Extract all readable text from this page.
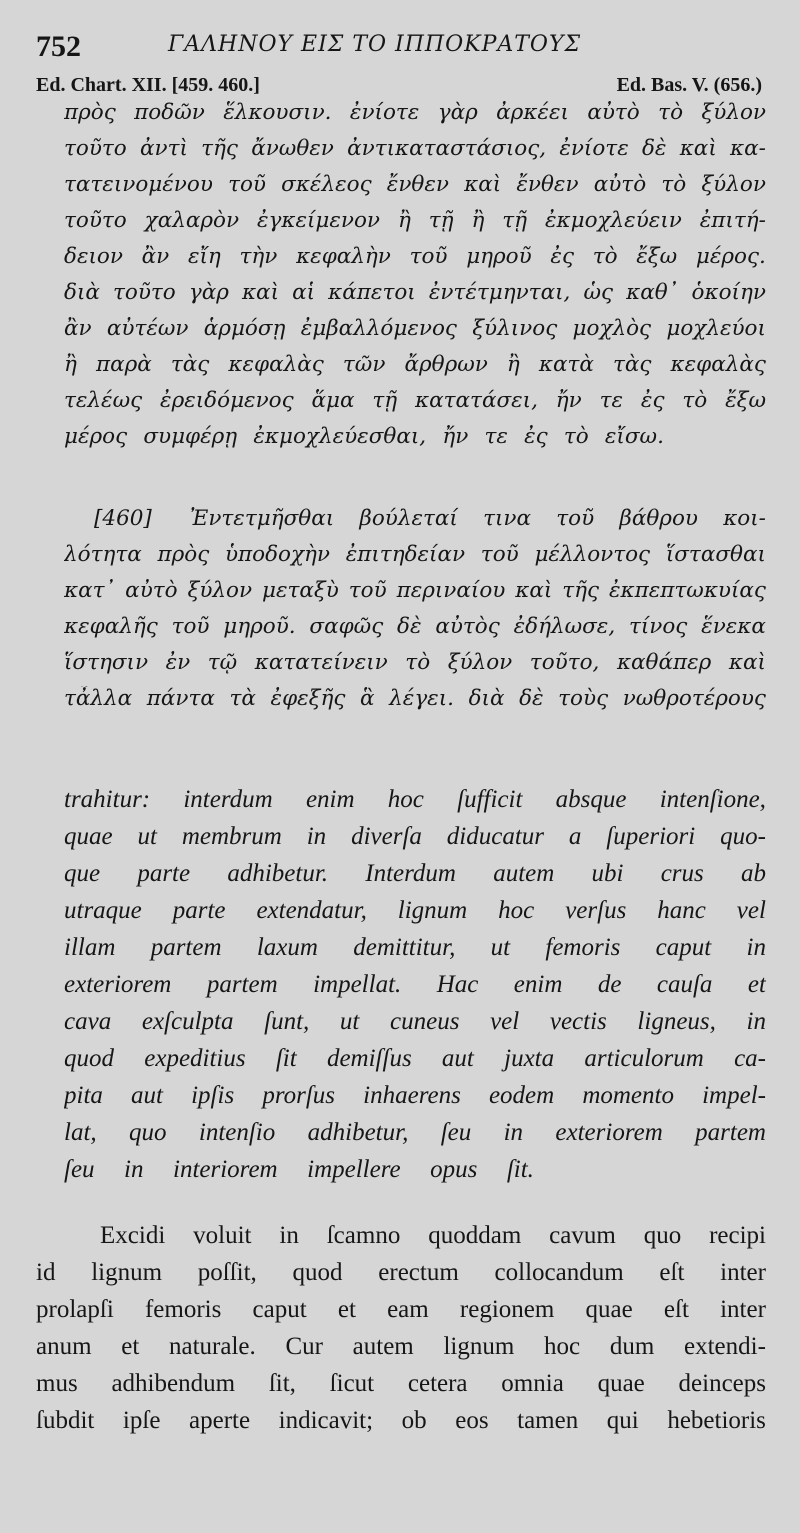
752	ΓΑΛΗΝΟΥ ΕΙΣ ΤΟ ΙΠΠΟΚΡΑΤΟΥΣ
Ed. Chart. XII. [459. 460.]	Ed. Bas. V. (656.)
πρὸς ποδῶν ἕλκουσιν. ἐνίοτε γὰρ ἀρκέει αὐτὸ τὸ ξύλον
τοῦτο ἀντὶ τῆς ἄνωθεν ἀντικαταστάσιος, ἐνίοτε δὲ καὶ κα-
τατεινομένου τοῦ σκέλεος ἔνθεν καὶ ἔνθεν αὐτὸ τὸ ξύλον
τοῦτο χαλαρὸν ἐγκείμενον ἢ τῇ ἢ τῇ ἐκμοχλεύειν ἐπιτή-
δειον ἂν εἴη τὴν κεφαλὴν τοῦ μηροῦ ἐς τὸ ἔξω μέρος.
διὰ τοῦτο γὰρ καὶ αἱ κάπετοι ἐντέτμηνται, ὡς καθ᾽ ὁκοίην
ἂν αὐτέων ἁρμόσῃ ἐμβαλλόμενος ξύλινος μοχλὸς μοχλεύοι
ἢ παρὰ τὰς κεφαλὰς τῶν ἄρθρων ἢ κατὰ τὰς κεφαλὰς
τελέως ἐρειδόμενος ἅμα τῇ κατατάσει, ἤν τε ἐς τὸ ἔξω
μέρος συμφέρῃ ἐκμοχλεύεσθαι, ἤν τε ἐς τὸ εἴσω.
[460]	Ἐντετμῆσθαι βούλεταί τινα τοῦ βάθρου κοι-
λότητα πρὸς ὑποδοχὴν ἐπιτηδείαν τοῦ μέλλοντος ἵστασθαι
κατ᾽ αὐτὸ ξύλον μεταξὺ τοῦ περιναίου καὶ τῆς ἐκπεπτωκυίας
κεφαλῆς τοῦ μηροῦ. σαφῶς δὲ αὐτὸς ἐδήλωσε, τίνος ἕνεκα
ἵστησιν ἐν τῷ κατατείνειν τὸ ξύλον τοῦτο, καθάπερ καὶ
τἆλλα πάντα τὰ ἐφεξῆς ἃ λέγει. διὰ δὲ τοὺς νωθροτέρους
trahitur: interdum enim hoc ſufficit absque intenſione,
quae ut membrum in diverſa diducatur a ſuperiori quo-
que parte adhibetur. Interdum autem ubi crus ab
utraque parte extendatur, lignum hoc verſus hanc vel
illam partem laxum demittitur, ut femoris caput in
exteriorem partem impellat. Hac enim de cauſa et
cava exſculpta ſunt, ut cuneus vel vectis ligneus, in
quod expeditius ſit demiſſus aut juxta articulorum ca-
pita aut ipſis prorſus inhaerens eodem momento impel-
lat, quo intenſio adhibetur, ſeu in exteriorem partem
ſeu in interiorem impellere opus ſit.
Excidi voluit in ſcamno quoddam cavum quo recipi
id lignum poſſit, quod erectum collocandum eſt inter
prolapſi femoris caput et eam regionem quae eſt inter
anum et naturale. Cur autem lignum hoc dum extendi-
mus adhibendum ſit, ſicut cetera omnia quae deinceps
ſubdit ipſe aperte indicavit; ob eos tamen qui hebetioris
